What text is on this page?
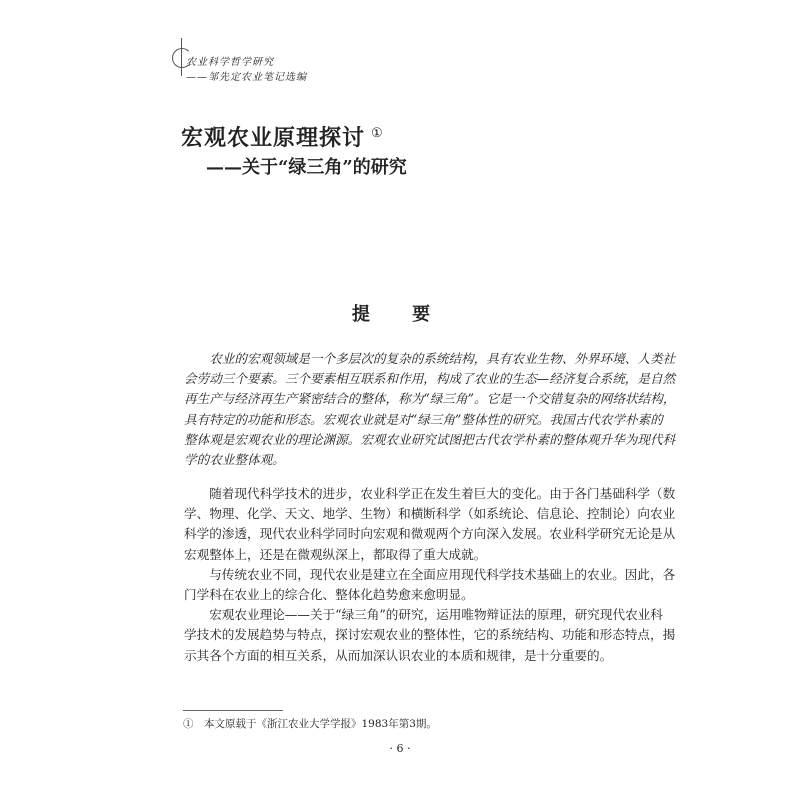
农业科学哲学研究
——邹先定农业笔记选编
宏观农业原理探讨 ①
——关于“绿三角”的研究
提 要
　　农业的宏观领域是一个多层次的复杂的系统结构，具有农业生物、外界环境、人类社
会劳动三个要素。三个要素相互联系和作用，构成了农业的生态—经济复合系统，是自然
再生产与经济再生产紧密结合的整体，称为“绿三角”。它是一个交错复杂的网络状结构，
具有特定的功能和形态。宏观农业就是对“绿三角”整体性的研究。我国古代农学朴素的
整体观是宏观农业的理论渊源。宏观农业研究试图把古代农学朴素的整体观升华为现代科
学的农业整体观。
　　随着现代科学技术的进步，农业科学正在发生着巨大的变化。由于各门基础科学（数
学、物理、化学、天文、地学、生物）和横断科学（如系统论、信息论、控制论）向农业
科学的渗透，现代农业科学同时向宏观和微观两个方向深入发展。农业科学研究无论是从
宏观整体上，还是在微观纵深上，都取得了重大成就。
　　与传统农业不同，现代农业是建立在全面应用现代科学技术基础上的农业。因此，各
门学科在农业上的综合化、整体化趋势愈来愈明显。
　　宏观农业理论——关于“绿三角”的研究，运用唯物辩证法的原理，研究现代农业科
学技术的发展趋势与特点，探讨宏观农业的整体性，它的系统结构、功能和形态特点，揭
示其各个方面的相互关系，从而加深认识农业的本质和规律，是十分重要的。
①　本文原载于《浙江农业大学学报》1983年第3期。
· 6 ·
